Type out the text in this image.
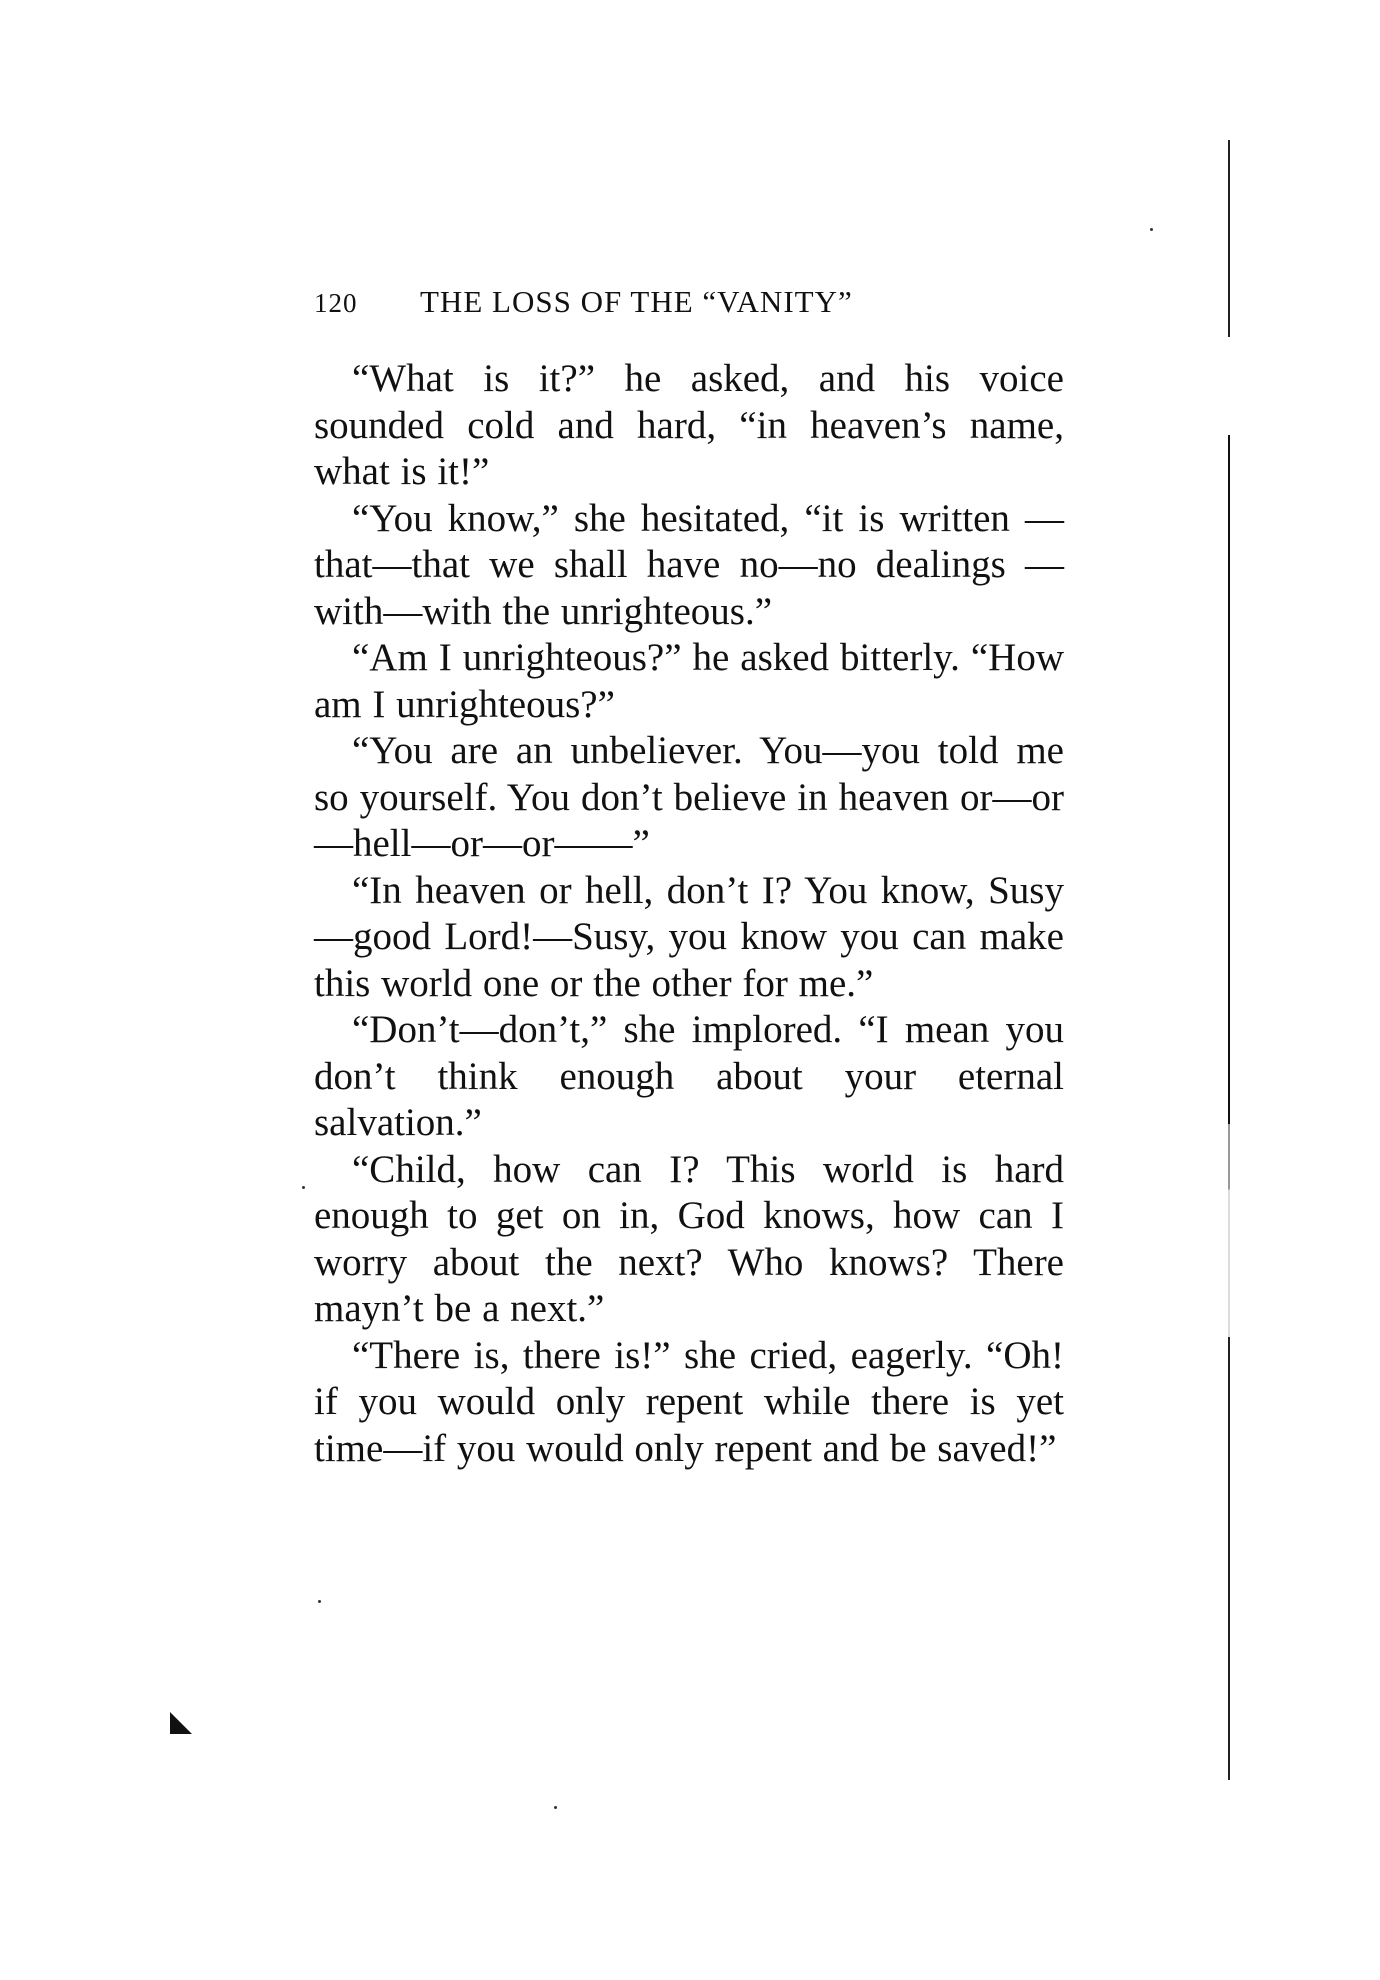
120 THE LOSS OF THE “VANITY”

“What is it?” he asked, and his voice sounded cold and hard, “in heaven’s name, what is it!”

“You know,” she hesitated, “it is written —that—that we shall have no—no dealings —with—with the unrighteous.”

“Am I unrighteous?” he asked bitterly. “How am I unrighteous?”

“You are an unbeliever. You—you told me so yourself. You don’t believe in heaven or—or—hell—or—or——”

“In heaven or hell, don’t I? You know, Susy—good Lord!—Susy, you know you can make this world one or the other for me.”

“Don’t—don’t,” she implored. “I mean you don’t think enough about your eternal salvation.”

“Child, how can I? This world is hard enough to get on in, God knows, how can I worry about the next? Who knows? There mayn’t be a next.”

“There is, there is!” she cried, eagerly. “Oh! if you would only repent while there is yet time—if you would only repent and be saved!”
